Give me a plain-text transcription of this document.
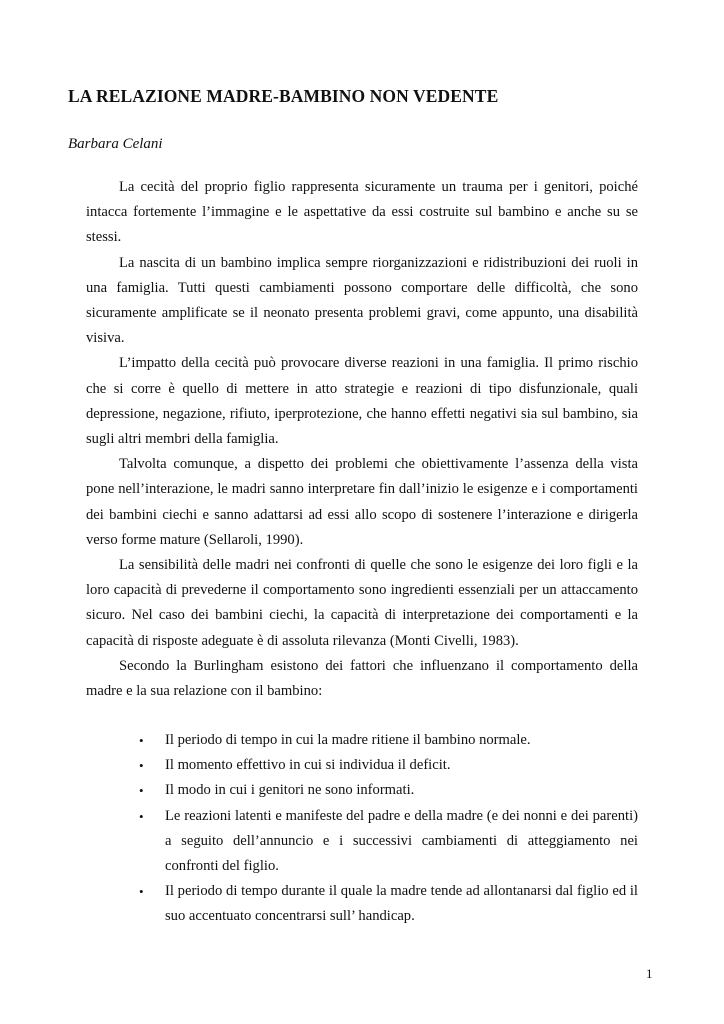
LA RELAZIONE MADRE-BAMBINO NON VEDENTE

Barbara Celani

La cecità del proprio figlio rappresenta sicuramente un trauma per i genitori, poiché intacca fortemente l’immagine e le aspettative da essi costruite sul bambino e anche su se stessi.

La nascita di un bambino implica sempre riorganizzazioni e ridistribuzioni dei ruoli in una famiglia. Tutti questi cambiamenti possono comportare delle difficoltà, che sono sicuramente amplificate se il neonato presenta problemi gravi, come appunto, una disabilità visiva.

L’impatto della cecità può provocare diverse reazioni in una famiglia. Il primo rischio che si corre è quello di mettere in atto strategie e reazioni di tipo disfunzionale, quali depressione, negazione, rifiuto, iperprotezione, che hanno effetti negativi sia sul bambino, sia sugli altri membri della famiglia.

Talvolta comunque, a dispetto dei problemi che obiettivamente l’assenza della vista pone nell’interazione, le madri sanno interpretare fin dall’inizio le esigenze e i comportamenti dei bambini ciechi e sanno adattarsi ad essi allo scopo di sostenere l’interazione e dirigerla verso forme mature (Sellaroli, 1990).

La sensibilità delle madri nei confronti di quelle che sono le esigenze dei loro figli e la loro capacità di prevederne il comportamento sono ingredienti essenziali per un attaccamento sicuro. Nel caso dei bambini ciechi, la capacità di interpretazione dei comportamenti e la capacità di risposte adeguate è di assoluta rilevanza (Monti Civelli, 1983).

Secondo la Burlingham esistono dei fattori che influenzano il comportamento della madre e la sua relazione con il bambino:

• Il periodo di tempo in cui la madre ritiene il bambino normale.
• Il momento effettivo in cui si individua il deficit.
• Il modo in cui i genitori ne sono informati.
• Le reazioni latenti e manifeste del padre e della madre (e dei nonni e dei parenti) a seguito dell’annuncio e i successivi cambiamenti di atteggiamento nei confronti del figlio.
• Il periodo di tempo durante il quale la madre tende ad allontanarsi dal figlio ed il suo accentuato concentrarsi sull’ handicap.
1
